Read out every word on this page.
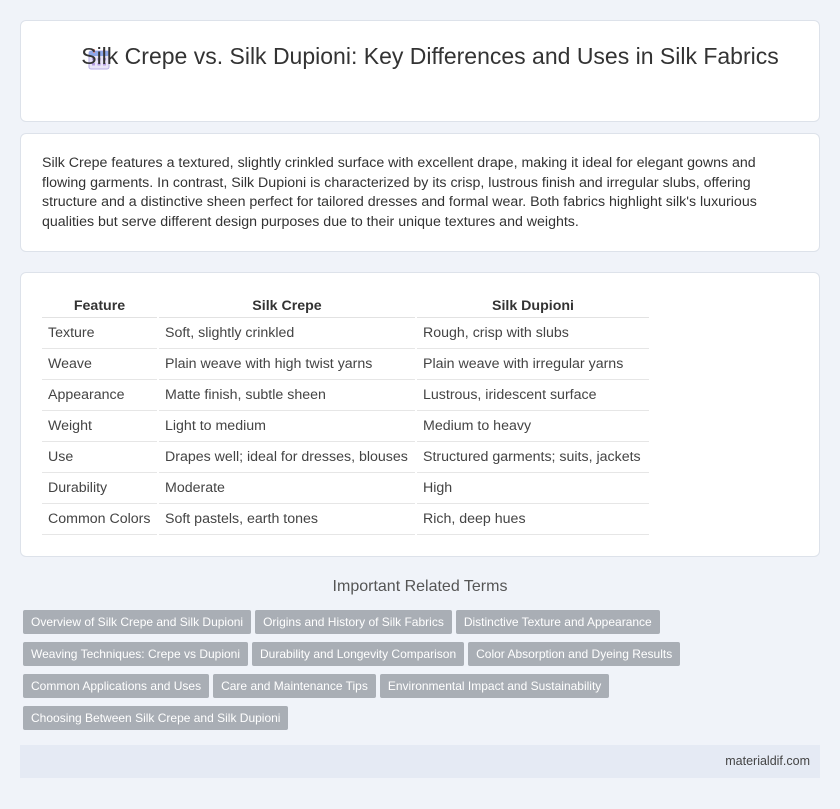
Silk Crepe vs. Silk Dupioni: Key Differences and Uses in Silk Fabrics

Silk Crepe features a textured, slightly crinkled surface with excellent drape, making it ideal for elegant gowns and flowing garments. In contrast, Silk Dupioni is characterized by its crisp, lustrous finish and irregular slubs, offering structure and a distinctive sheen perfect for tailored dresses and formal wear. Both fabrics highlight silk's luxurious qualities but serve different design purposes due to their unique textures and weights.

Feature		Silk Crepe		Silk Dupioni
Texture		Soft, slightly crinkled		Rough, crisp with slubs
Weave		Plain weave with high twist yarns		Plain weave with irregular yarns
Appearance		Matte finish, subtle sheen		Lustrous, iridescent surface
Weight		Light to medium		Medium to heavy
Use		Drapes well; ideal for dresses, blouses		Structured garments; suits, jackets
Durability		Moderate		High
Common Colors		Soft pastels, earth tones		Rich, deep hues
Important Related Terms
Overview of Silk Crepe and Silk Dupioni Origins and History of Silk Fabrics Distinctive Texture and Appearance
Weaving Techniques: Crepe vs Dupioni Durability and Longevity Comparison Color Absorption and Dyeing Results
Common Applications and Uses Care and Maintenance Tips Environmental Impact and Sustainability
Choosing Between Silk Crepe and Silk Dupioni
materialdif.com
